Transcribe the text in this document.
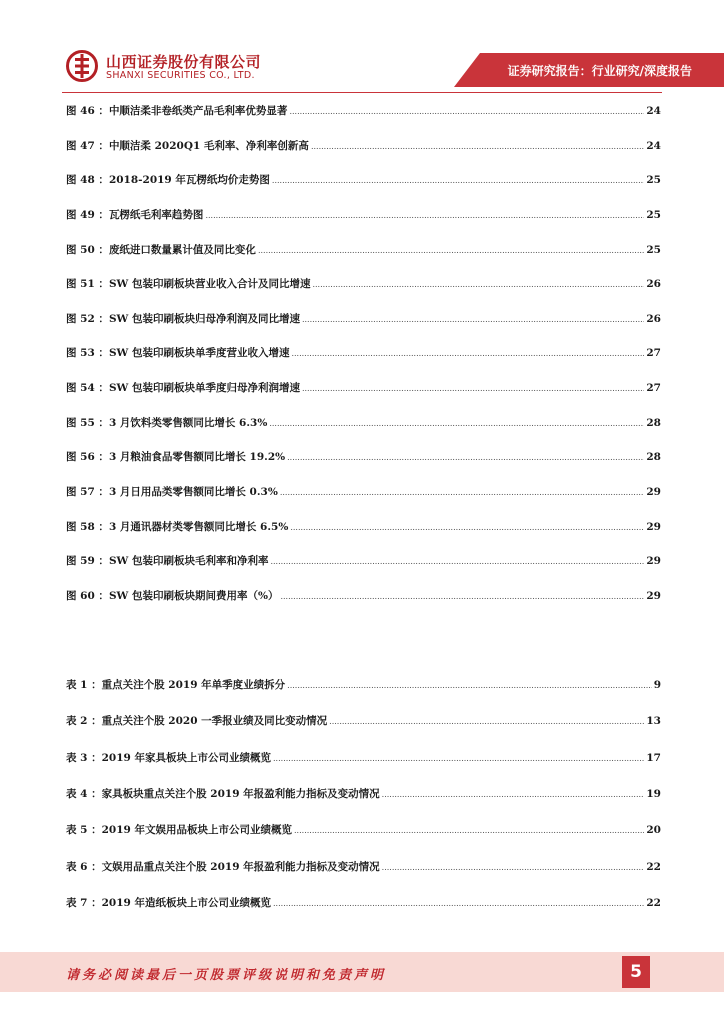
山西证券股份有限公司
SHANXI SECURITIES CO., LTD.	证券研究报告：行业研究/深度报告
图 46 ： 中顺洁柔非卷纸类产品毛利率优势显著 .....	24
图 47 ： 中顺洁柔 2020Q1 毛利率、净利率创新高 .....	24
图 48 ： 2018-2019 年瓦楞纸均价走势图 .....	25
图 49 ： 瓦楞纸毛利率趋势图 .....	25
图 50 ： 废纸进口数量累计值及同比变化 .....	25
图 51 ： SW 包装印刷板块营业收入合计及同比增速 .....	26
图 52 ： SW 包装印刷板块归母净利润及同比增速 .....	26
图 53 ： SW 包装印刷板块单季度营业收入增速 .....	27
图 54 ： SW 包装印刷板块单季度归母净利润增速 .....	27
图 55 ： 3 月饮料类零售额同比增长 6.3% .....	28
图 56 ： 3 月粮油食品零售额同比增长 19.2% .....	28
图 57 ： 3 月日用品类零售额同比增长 0.3% .....	29
图 58 ： 3 月通讯器材类零售额同比增长 6.5% .....	29
图 59 ： SW 包装印刷板块毛利率和净利率 .....	29
图 60 ： SW 包装印刷板块期间费用率（%） .....	29
表 1 ： 重点关注个股 2019 年单季度业绩拆分 .....	9
表 2 ： 重点关注个股 2020 一季报业绩及同比变动情况 .....	13
表 3 ： 2019 年家具板块上市公司业绩概览 .....	17
表 4 ： 家具板块重点关注个股 2019 年报盈利能力指标及变动情况 .....	19
表 5 ： 2019 年文娱用品板块上市公司业绩概览 .....	20
表 6 ： 文娱用品重点关注个股 2019 年报盈利能力指标及变动情况 .....	22
表 7 ： 2019 年造纸板块上市公司业绩概览 .....	22
请务必阅读最后一页股票评级说明和免责声明	5
